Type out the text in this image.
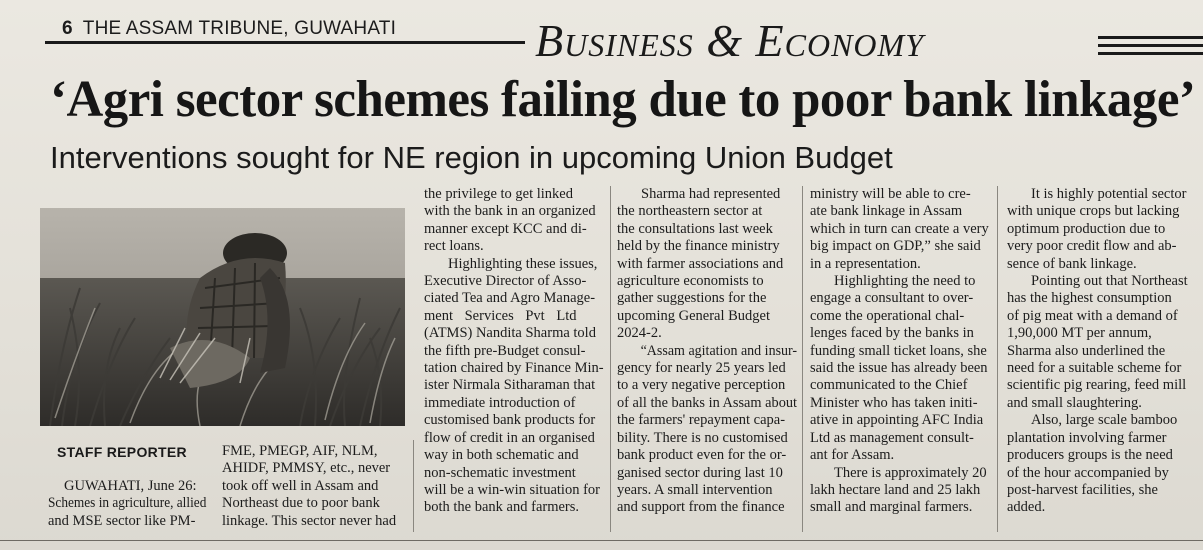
6 THE ASSAM TRIBUNE, GUWAHATI	Business & Economy
‘Agri sector schemes failing due to poor bank linkage’
Interventions sought for NE region in upcoming Union Budget
STAFF REPORTER
GUWAHATI, June 26:
Schemes in agriculture, allied
and MSE sector like PM-
FME, PMEGP, AIF, NLM,
AHIDF, PMMSY, etc., never
took off well in Assam and
Northeast due to poor bank
linkage. This sector never had
the privilege to get linked
with the bank in an organized
manner except KCC and di-
rect loans.
Highlighting these issues,
Executive Director of Asso-
ciated Tea and Agro Manage-
ment Services Pvt Ltd
(ATMS) Nandita Sharma told
the fifth pre-Budget consul-
tation chaired by Finance Min-
ister Nirmala Sitharaman that
immediate introduction of
customised bank products for
flow of credit in an organised
way in both schematic and
non-schematic investment
will be a win-win situation for
both the bank and farmers.
Sharma had represented
the northeastern sector at
the consultations last week
held by the finance ministry
with farmer associations and
agriculture economists to
gather suggestions for the
upcoming General Budget
2024-2.
“Assam agitation and insur-
gency for nearly 25 years led
to a very negative perception
of all the banks in Assam about
the farmers' repayment capa-
bility. There is no customised
bank product even for the or-
ganised sector during last 10
years. A small intervention
and support from the finance
ministry will be able to cre-
ate bank linkage in Assam
which in turn can create a very
big impact on GDP,” she said
in a representation.
Highlighting the need to
engage a consultant to over-
come the operational chal-
lenges faced by the banks in
funding small ticket loans, she
said the issue has already been
communicated to the Chief
Minister who has taken initi-
ative in appointing AFC India
Ltd as management consult-
ant for Assam.
There is approximately 20
lakh hectare land and 25 lakh
small and marginal farmers.
It is highly potential sector
with unique crops but lacking
optimum production due to
very poor credit flow and ab-
sence of bank linkage.
Pointing out that Northeast
has the highest consumption
of pig meat with a demand of
1,90,000 MT per annum,
Sharma also underlined the
need for a suitable scheme for
scientific pig rearing, feed mill
and small slaughtering.
Also, large scale bamboo
plantation involving farmer
producers groups is the need
of the hour accompanied by
post-harvest facilities, she
added.
